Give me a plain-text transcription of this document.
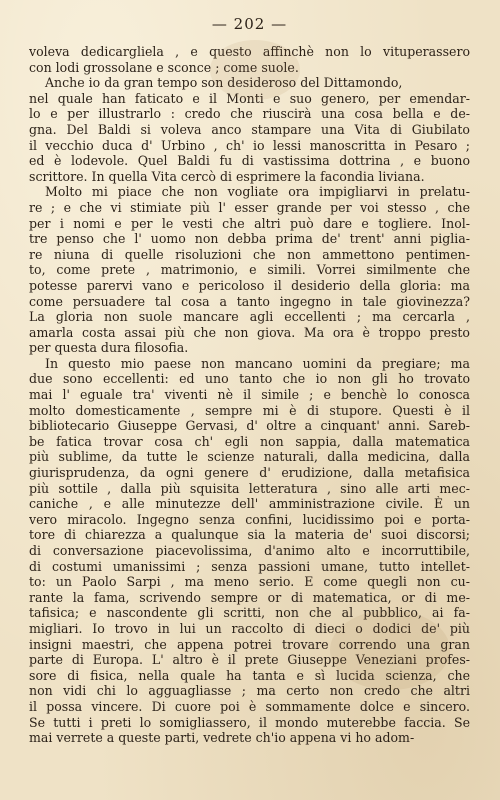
— 202 —
voleva dedicargliela , e questo affinchè non lo vituperassero
con lodi grossolane e sconce ; come suole.
Anche io da gran tempo son desideroso del Dittamondo,
nel quale han faticato e il Monti e suo genero, per emendar-
lo e per illustrarlo : credo che riuscirà una cosa bella e de-
gna. Del Baldi si voleva anco stampare una Vita di Giubilato
il vecchio duca d' Urbino , ch' io lessi manoscritta in Pesaro ;
ed è lodevole. Quel Baldi fu di vastissima dottrina , e buono
scrittore. In quella Vita cercò di esprimere la facondia liviana.
Molto mi piace che non vogliate ora impigliarvi in prelatu-
re ; e che vi stimiate più l' esser grande per voi stesso , che
per i nomi e per le vesti che altri può dare e togliere. Inol-
tre penso che l' uomo non debba prima de' trent' anni piglia-
re niuna di quelle risoluzioni che non ammettono pentimen-
to, come prete , matrimonio, e simili. Vorrei similmente che
potesse parervi vano e pericoloso il desiderio della gloria: ma
come persuadere tal cosa a tanto ingegno in tale giovinezza?
La gloria non suole mancare agli eccellenti ; ma cercarla ,
amarla costa assai più che non giova. Ma ora è troppo presto
per questa dura filosofia.
In questo mio paese non mancano uomini da pregiare; ma
due sono eccellenti: ed uno tanto che io non gli ho trovato
mai l' eguale tra' viventi nè il simile ; e benchè lo conosca
molto domesticamente , sempre mi è di stupore. Questi è il
bibliotecario Giuseppe Gervasi, d' oltre a cinquant' anni. Sareb-
be fatica trovar cosa ch' egli non sappia, dalla matematica
più sublime, da tutte le scienze naturali, dalla medicina, dalla
giurisprudenza, da ogni genere d' erudizione, dalla metafisica
più sottile , dalla più squisita letteratura , sino alle arti mec-
caniche , e alle minutezze dell' amministrazione civile. È un
vero miracolo. Ingegno senza confini, lucidissimo poi e porta-
tore di chiarezza a qualunque sia la materia de' suoi discorsi;
di conversazione piacevolissima, d'animo alto e incorruttibile,
di costumi umanissimi ; senza passioni umane, tutto intellet-
to: un Paolo Sarpi , ma meno serio. E come quegli non cu-
rante la fama, scrivendo sempre or di matematica, or di me-
tafisica; e nascondente gli scritti, non che al pubblico, ai fa-
migliari. Io trovo in lui un raccolto di dieci o dodici de' più
insigni maestri, che appena potrei trovare correndo una gran
parte di Europa. L' altro è il prete Giuseppe Veneziani profes-
sore di fisica, nella quale ha tanta e sì lucida scienza, che
non vidi chi lo agguagliasse ; ma certo non credo che altri
il possa vincere. Di cuore poi è sommamente dolce e sincero.
Se tutti i preti lo somigliassero, il mondo muterebbe faccia. Se
mai verrete a queste parti, vedrete ch'io appena vi ho adom-
